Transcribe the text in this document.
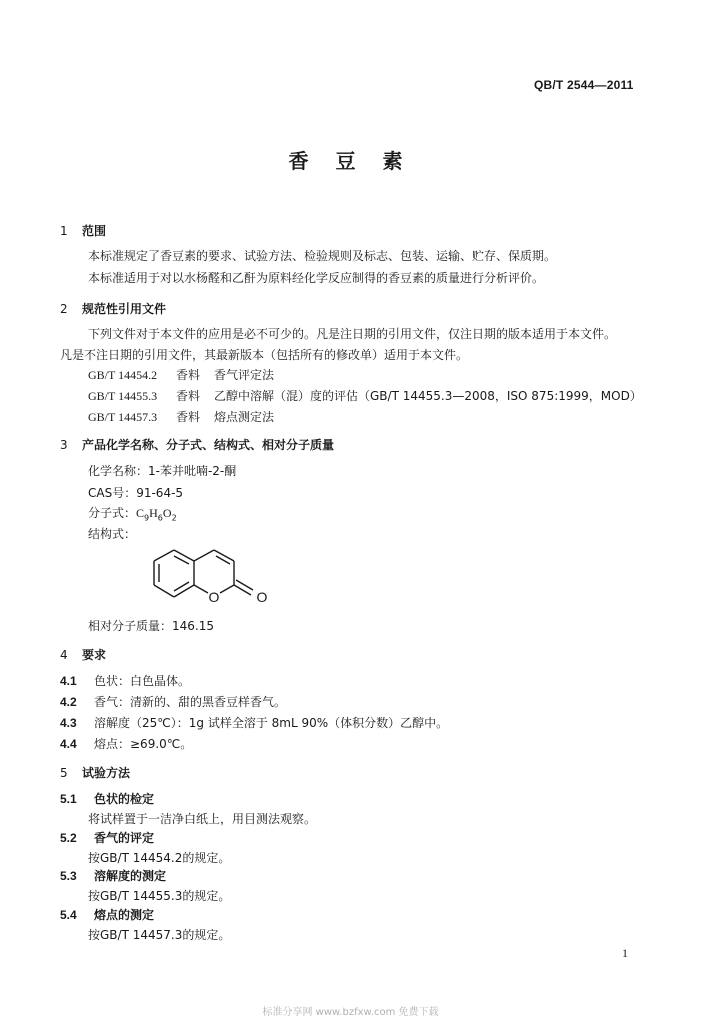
QB/T 2544—2011
香 豆 素
1 范围
本标准规定了香豆素的要求、试验方法、检验规则及标志、包装、运输、贮存、保质期。
本标准适用于对以水杨醛和乙酐为原料经化学反应制得的香豆素的质量进行分析评价。
2 规范性引用文件
下列文件对于本文件的应用是必不可少的。凡是注日期的引用文件，仅注日期的版本适用于本文件。
凡是不注日期的引用文件，其最新版本（包括所有的修改单）适用于本文件。
GB/T 14454.2 香料 香气评定法
GB/T 14455.3 香料 乙醇中溶解（混）度的评估（GB/T 14455.3—2008，ISO 875:1999，MOD）
GB/T 14457.3 香料 熔点测定法
3 产品化学名称、分子式、结构式、相对分子质量
化学名称：1-苯并吡喃-2-酮
CAS号：91-64-5
分子式：$C_9H_6O_2$
结构式：
O	O
相对分子质量：146.15
4 要求
4.1 色状：白色晶体。
4.2 香气：清新的、甜的黑香豆样香气。
4.3 溶解度（25℃）：1g 试样全溶于 8mL 90%（体积分数）乙醇中。
4.4 熔点：≥69.0℃。
5 试验方法
5.1 色状的检定
将试样置于一洁净白纸上，用目测法观察。
5.2 香气的评定
按GB/T 14454.2的规定。
5.3 溶解度的测定
按GB/T 14455.3的规定。
5.4 熔点的测定
按GB/T 14457.3的规定。
1
标准分享网 www.bzfxw.com 免费下载
